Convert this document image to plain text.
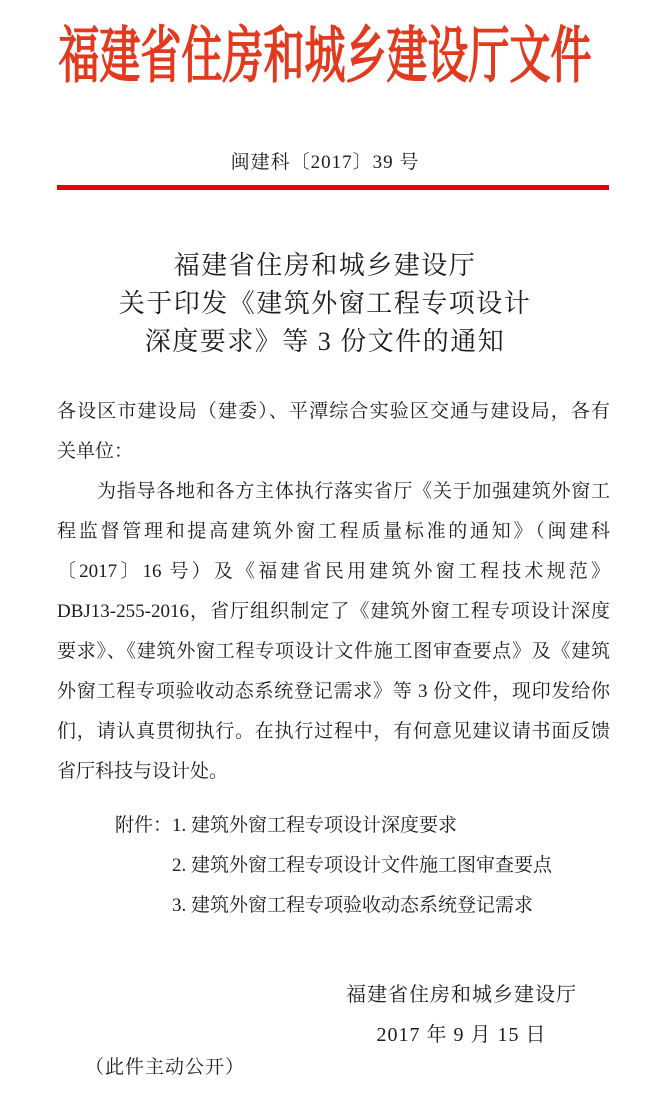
福建省住房和城乡建设厅文件
闽建科〔2017〕39 号
福建省住房和城乡建设厅
关于印发《建筑外窗工程专项设计
深度要求》等 3 份文件的通知
各设区市建设局（建委）、平潭综合实验区交通与建设局，各有
关单位：
为指导各地和各方主体执行落实省厅《关于加强建筑外窗工
程监督管理和提高建筑外窗工程质量标准的通知》（闽建科
〔2017〕16 号）及《福建省民用建筑外窗工程技术规范》
DBJ13-255-2016，省厅组织制定了《建筑外窗工程专项设计深度
要求》、《建筑外窗工程专项设计文件施工图审查要点》及《建筑
外窗工程专项验收动态系统登记需求》等 3 份文件，现印发给你
们，请认真贯彻执行。在执行过程中，有何意见建议请书面反馈
省厅科技与设计处。
附件：1. 建筑外窗工程专项设计深度要求
2. 建筑外窗工程专项设计文件施工图审查要点
3. 建筑外窗工程专项验收动态系统登记需求
福建省住房和城乡建设厅
2017 年 9 月 15 日
（此件主动公开）
